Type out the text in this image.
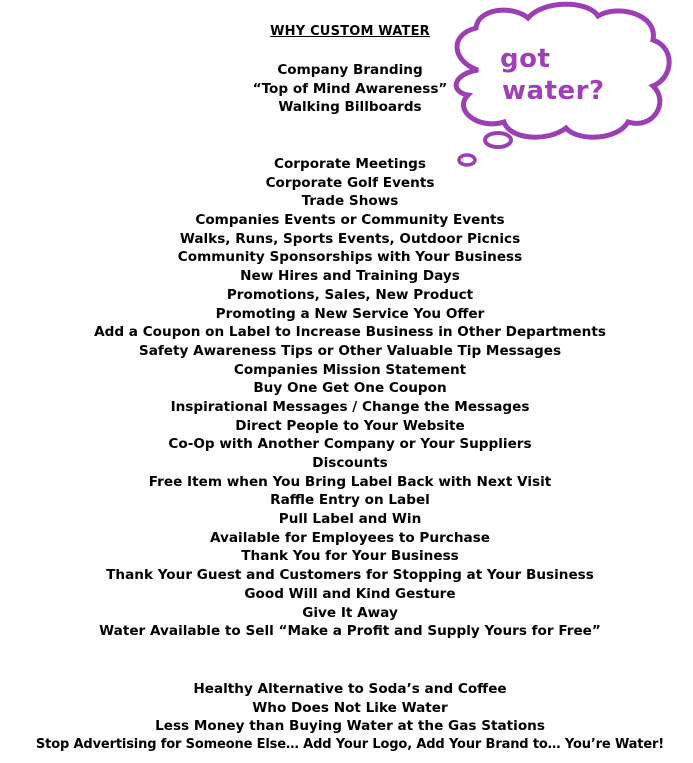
WHY CUSTOM WATER
Company Branding
“Top of Mind Awareness”
Walking Billboards
Corporate Meetings
Corporate Golf Events
Trade Shows
Companies Events or Community Events
Walks, Runs, Sports Events, Outdoor Picnics
Community Sponsorships with Your Business
New Hires and Training Days
Promotions, Sales, New Product
Promoting a New Service You Offer
Add a Coupon on Label to Increase Business in Other Departments
Safety Awareness Tips or Other Valuable Tip Messages
Companies Mission Statement
Buy One Get One Coupon
Inspirational Messages / Change the Messages
Direct People to Your Website
Co-Op with Another Company or Your Suppliers
Discounts
Free Item when You Bring Label Back with Next Visit
Raffle Entry on Label
Pull Label and Win
Available for Employees to Purchase
Thank You for Your Business
Thank Your Guest and Customers for Stopping at Your Business
Good Will and Kind Gesture
Give It Away
Water Available to Sell “Make a Profit and Supply Yours for Free”
Healthy Alternative to Soda’s and Coffee
Who Does Not Like Water
Less Money than Buying Water at the Gas Stations
Stop Advertising for Someone Else… Add Your Logo, Add Your Brand to… You’re Water!
got
water?
